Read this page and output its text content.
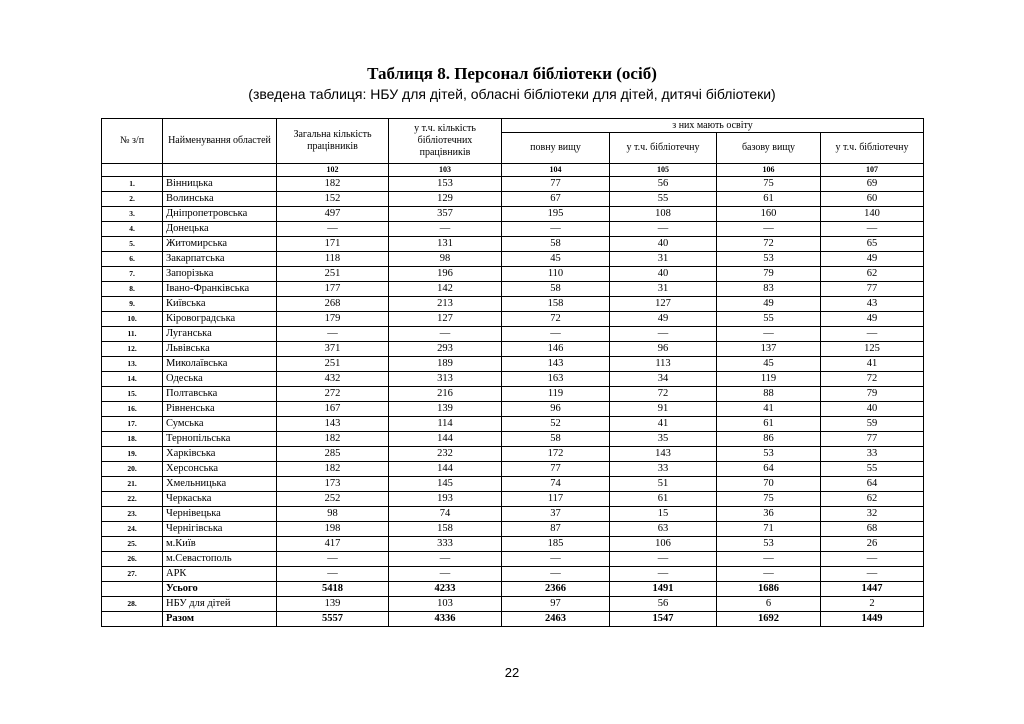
Таблиця 8. Персонал бібліотеки (осіб)
(зведена таблиця: НБУ для дітей, обласні бібліотеки для дітей, дитячі бібліотеки)
№ з/п	Найменування областей	Загальна кількість працівників	у т.ч. кількість бібліотечних працівників	з них мають освіту			
				повну вищу	у т.ч. бібліотечну	базову вищу	у т.ч. бібліотечну
		102	103	104	105	106	107
1.	Вінницька	182	153	77	56	75	69
2.	Волинська	152	129	67	55	61	60
3.	Дніпропетровська	497	357	195	108	160	140
4.	Донецька	—	—	—	—	—	—
5.	Житомирська	171	131	58	40	72	65
6.	Закарпатська	118	98	45	31	53	49
7.	Запорізька	251	196	110	40	79	62
8.	Івано-Франківська	177	142	58	31	83	77
9.	Київська	268	213	158	127	49	43
10.	Кіровоградська	179	127	72	49	55	49
11.	Луганська	—	—	—	—	—	—
12.	Львівська	371	293	146	96	137	125
13.	Миколаївська	251	189	143	113	45	41
14.	Одеська	432	313	163	34	119	72
15.	Полтавська	272	216	119	72	88	79
16.	Рівненська	167	139	96	91	41	40
17.	Сумська	143	114	52	41	61	59
18.	Тернопільська	182	144	58	35	86	77
19.	Харківська	285	232	172	143	53	33
20.	Херсонська	182	144	77	33	64	55
21.	Хмельницька	173	145	74	51	70	64
22.	Черкаська	252	193	117	61	75	62
23.	Чернівецька	98	74	37	15	36	32
24.	Чернігівська	198	158	87	63	71	68
25.	м.Київ	417	333	185	106	53	26
26.	м.Севастополь	—	—	—	—	—	—
27.	АРК	—	—	—	—	—	—
	Усього	5418	4233	2366	1491	1686	1447
28.	НБУ для дітей	139	103	97	56	6	2
	Разом	5557	4336	2463	1547	1692	1449
22
